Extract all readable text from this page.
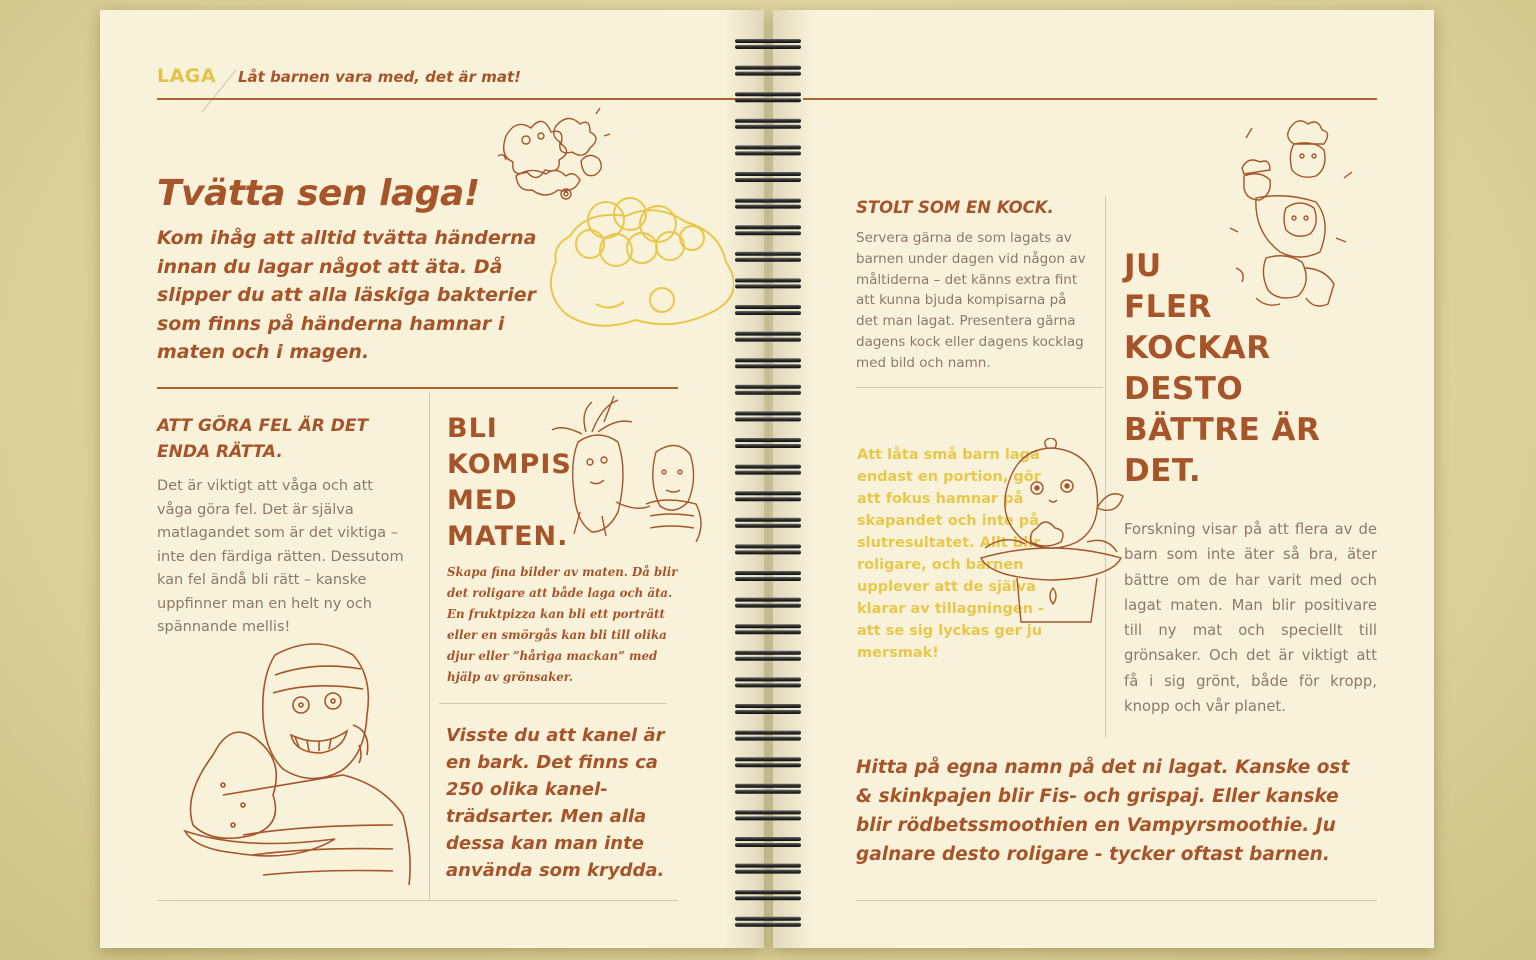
LAGA Låt barnen vara med, det är mat!
Tvätta sen laga!
Kom ihåg att alltid tvätta händerna innan du lagar något att äta. Då slipper du att alla läskiga bakterier som finns på händerna hamnar i maten och i magen.
ATT GÖRA FEL ÄR DET ENDA RÄTTA.
Det är viktigt att våga och att våga göra fel. Det är själva matlagandet som är det viktiga – inte den färdiga rätten. Dessutom kan fel ändå bli rätt – kanske uppfinner man en helt ny och spännande mellis!
BLI KOMPIS MED MATEN.
Skapa fina bilder av maten. Då blir det roligare att både laga och äta. En fruktpizza kan bli ett porträtt eller en smörgås kan bli till olika djur eller ”håriga mackan” med hjälp av grönsaker.
Visste du att kanel är en bark. Det finns ca 250 olika kanel-trädsarter. Men alla dessa kan man inte använda som krydda.
STOLT SOM EN KOCK.
Servera gärna de som lagats av barnen under dagen vid någon av måltiderna – det känns extra fint att kunna bjuda kompisarna på det man lagat. Presentera gärna dagens kock eller dagens kocklag med bild och namn.
Att låta små barn laga endast en portion, gör att fokus hamnar på skapandet och inte på slutresultatet. Allt blir roligare, och barnen upplever att de själva klarar av tillagningen - att se sig lyckas ger ju mersmak!
JU
FLER
KOCKAR
DESTO
BÄTTRE ÄR
DET.
Forskning visar på att flera av de barn som inte äter så bra, äter bättre om de har varit med och lagat maten. Man blir positivare till ny mat och speciellt till grönsaker. Och det är viktigt att få i sig grönt, både för kropp, knopp och vår planet.
Hitta på egna namn på det ni lagat. Kanske ost & skinkpajen blir Fis- och grispaj. Eller kanske blir rödbetssmoothien en Vampyrsmoothie. Ju galnare desto roligare - tycker oftast barnen.
